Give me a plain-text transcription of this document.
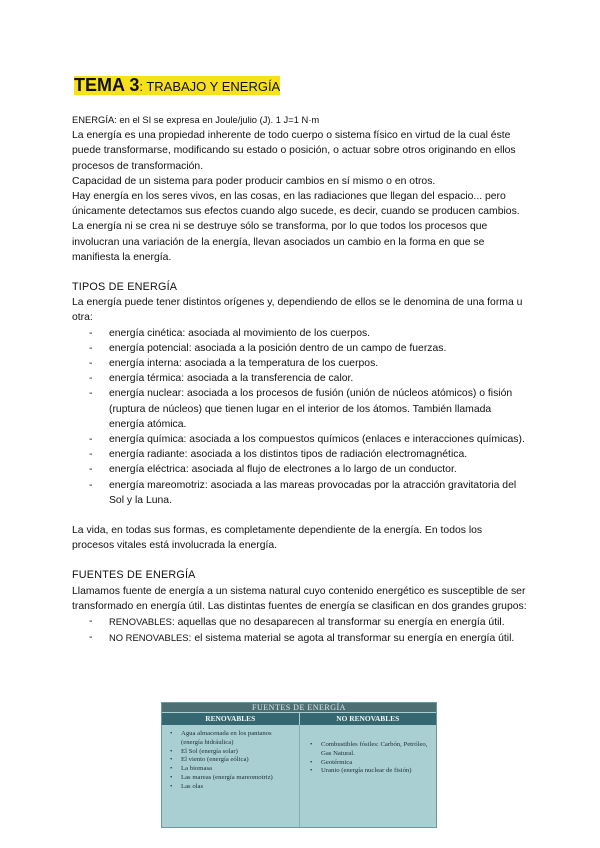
TEMA 3: TRABAJO Y ENERGÍA

ENERGÍA: en el SI se expresa en Joule/julio (J). 1 J=1 N·m

La energía es una propiedad inherente de todo cuerpo o sistema físico en virtud de la cual éste puede transformarse, modificando su estado o posición, o actuar sobre otros originando en ellos procesos de transformación.

Capacidad de un sistema para poder producir cambios en sí mismo o en otros.

Hay energía en los seres vivos, en las cosas, en las radiaciones que llegan del espacio... pero únicamente detectamos sus efectos cuando algo sucede, es decir, cuando se producen cambios.

La energía ni se crea ni se destruye sólo se transforma, por lo que todos los procesos que involucran una variación de la energía, llevan asociados un cambio en la forma en que se manifiesta la energía.

TIPOS DE ENERGÍA

La energía puede tener distintos orígenes y, dependiendo de ellos se le denomina de una forma u otra:

- energía cinética: asociada al movimiento de los cuerpos.
- energía potencial: asociada a la posición dentro de un campo de fuerzas.
- energía interna: asociada a la temperatura de los cuerpos.
- energía térmica: asociada a la transferencia de calor.
- energía nuclear: asociada a los procesos de fusión (unión de núcleos atómicos) o fisión (ruptura de núcleos) que tienen lugar en el interior de los átomos. También llamada energía atómica.
- energía química: asociada a los compuestos químicos (enlaces e interacciones químicas).
- energía radiante: asociada a los distintos tipos de radiación electromagnética.
- energía eléctrica: asociada al flujo de electrones a lo largo de un conductor.
- energía mareomotriz: asociada a las mareas provocadas por la atracción gravitatoria del Sol y la Luna.

La vida, en todas sus formas, es completamente dependiente de la energía. En todos los procesos vitales está involucrada la energía.

FUENTES DE ENERGÍA

Llamamos fuente de energía a un sistema natural cuyo contenido energético es susceptible de ser transformado en energía útil. Las distintas fuentes de energía se clasifican en dos grandes grupos:

- RENOVABLES: aquellas que no desaparecen al transformar su energía en energía útil.
- NO RENOVABLES: el sistema material se agota al transformar su energía en energía útil.
FUENTES DE ENERGÍA
RENOVABLES	NO RENOVABLES
• Agua almacenada en los pantanos (energía hidráulica)
• El Sol (energía solar)
• El viento (energía eólica)
• La biomasa
• Las mareas (energía mareomotriz)
• Las olas
• Combustibles fósiles: Carbón, Petróleo, Gas Natural.
• Geotérmica
• Uranio (energía nuclear de fisión)
